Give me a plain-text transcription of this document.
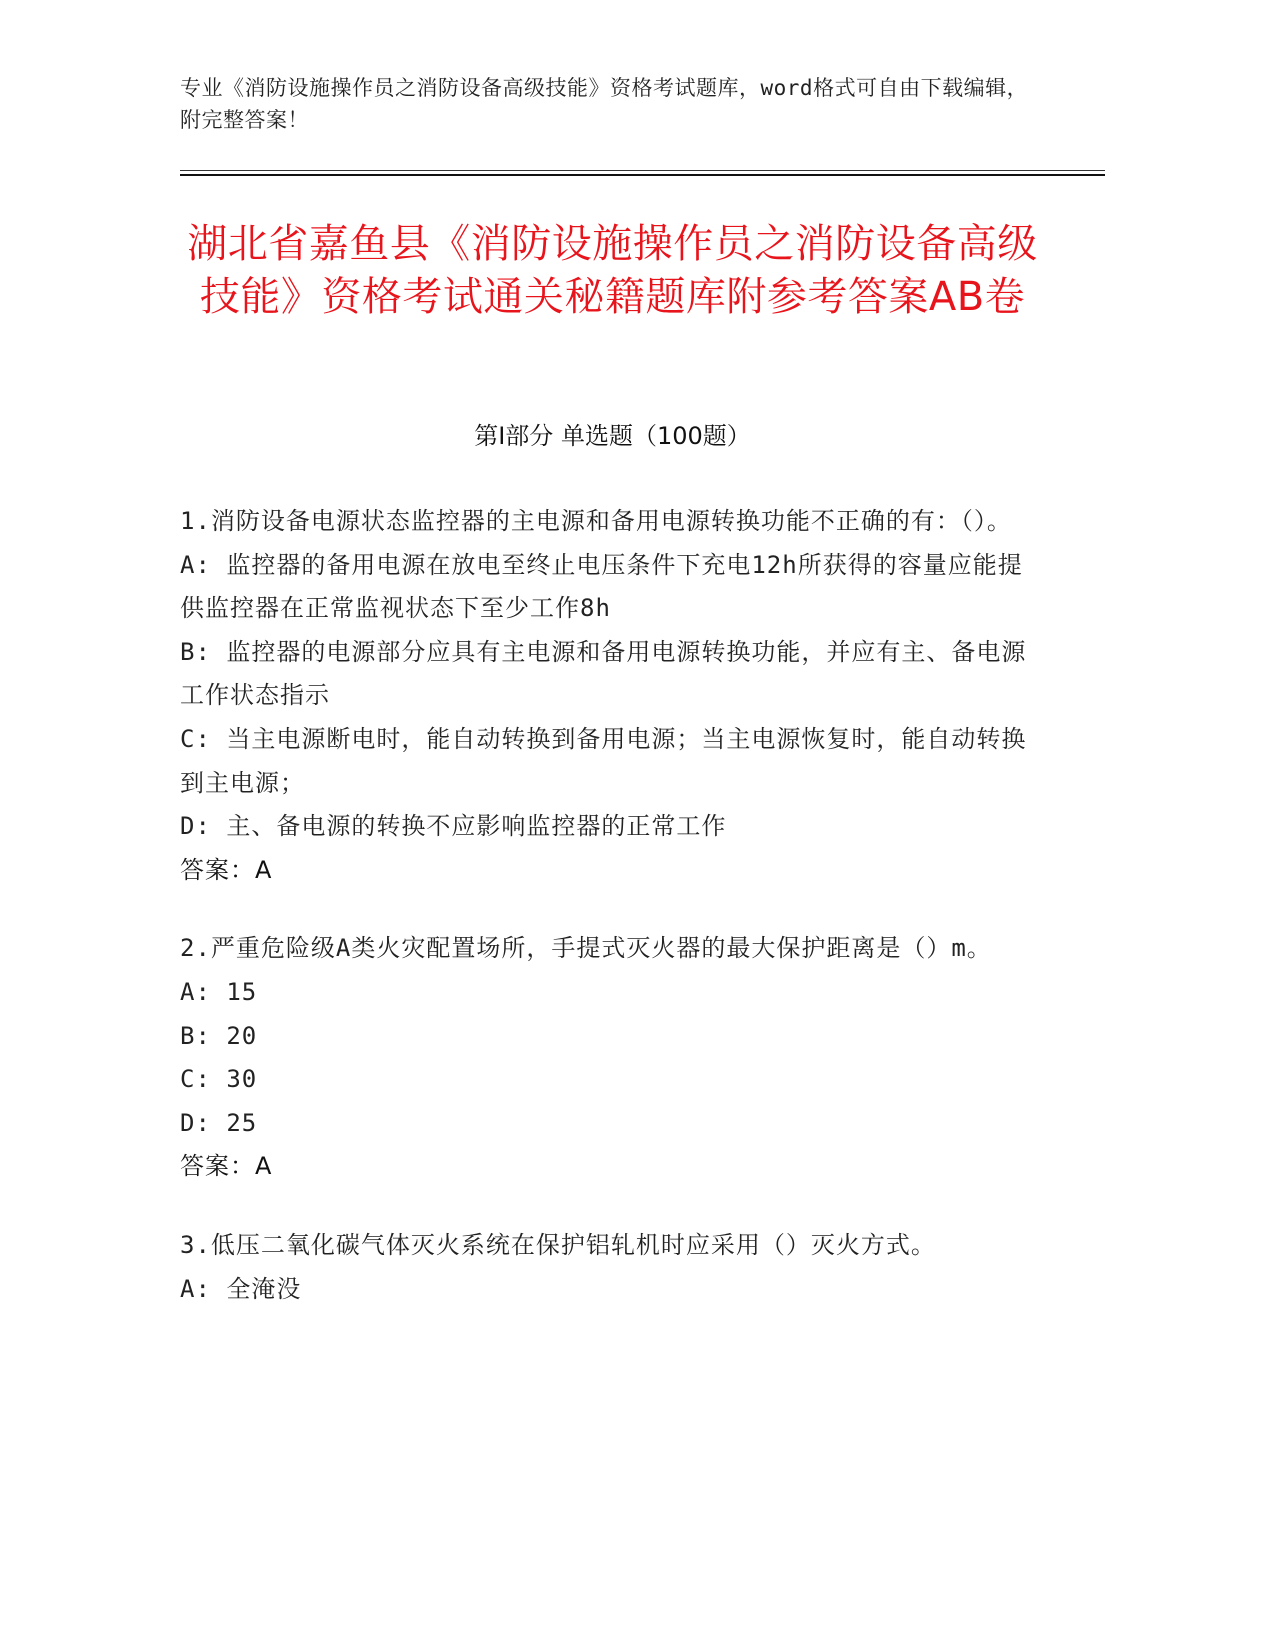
专业《消防设施操作员之消防设备高级技能》资格考试题库，word格式可自由下载编辑，附完整答案！
湖北省嘉鱼县《消防设施操作员之消防设备高级技能》资格考试通关秘籍题库附参考答案AB卷
第I部分 单选题（100题）
1.消防设备电源状态监控器的主电源和备用电源转换功能不正确的有：（）。
A: 监控器的备用电源在放电至终止电压条件下充电12h所获得的容量应能提供监控器在正常监视状态下至少工作8h
B: 监控器的电源部分应具有主电源和备用电源转换功能，并应有主、备电源工作状态指示
C: 当主电源断电时，能自动转换到备用电源；当主电源恢复时，能自动转换到主电源；
D: 主、备电源的转换不应影响监控器的正常工作
答案：A
2.严重危险级A类火灾配置场所，手提式灭火器的最大保护距离是（）m。
A: 15
B: 20
C: 30
D: 25
答案：A
3.低压二氧化碳气体灭火系统在保护铝轧机时应采用（）灭火方式。
A: 全淹没
